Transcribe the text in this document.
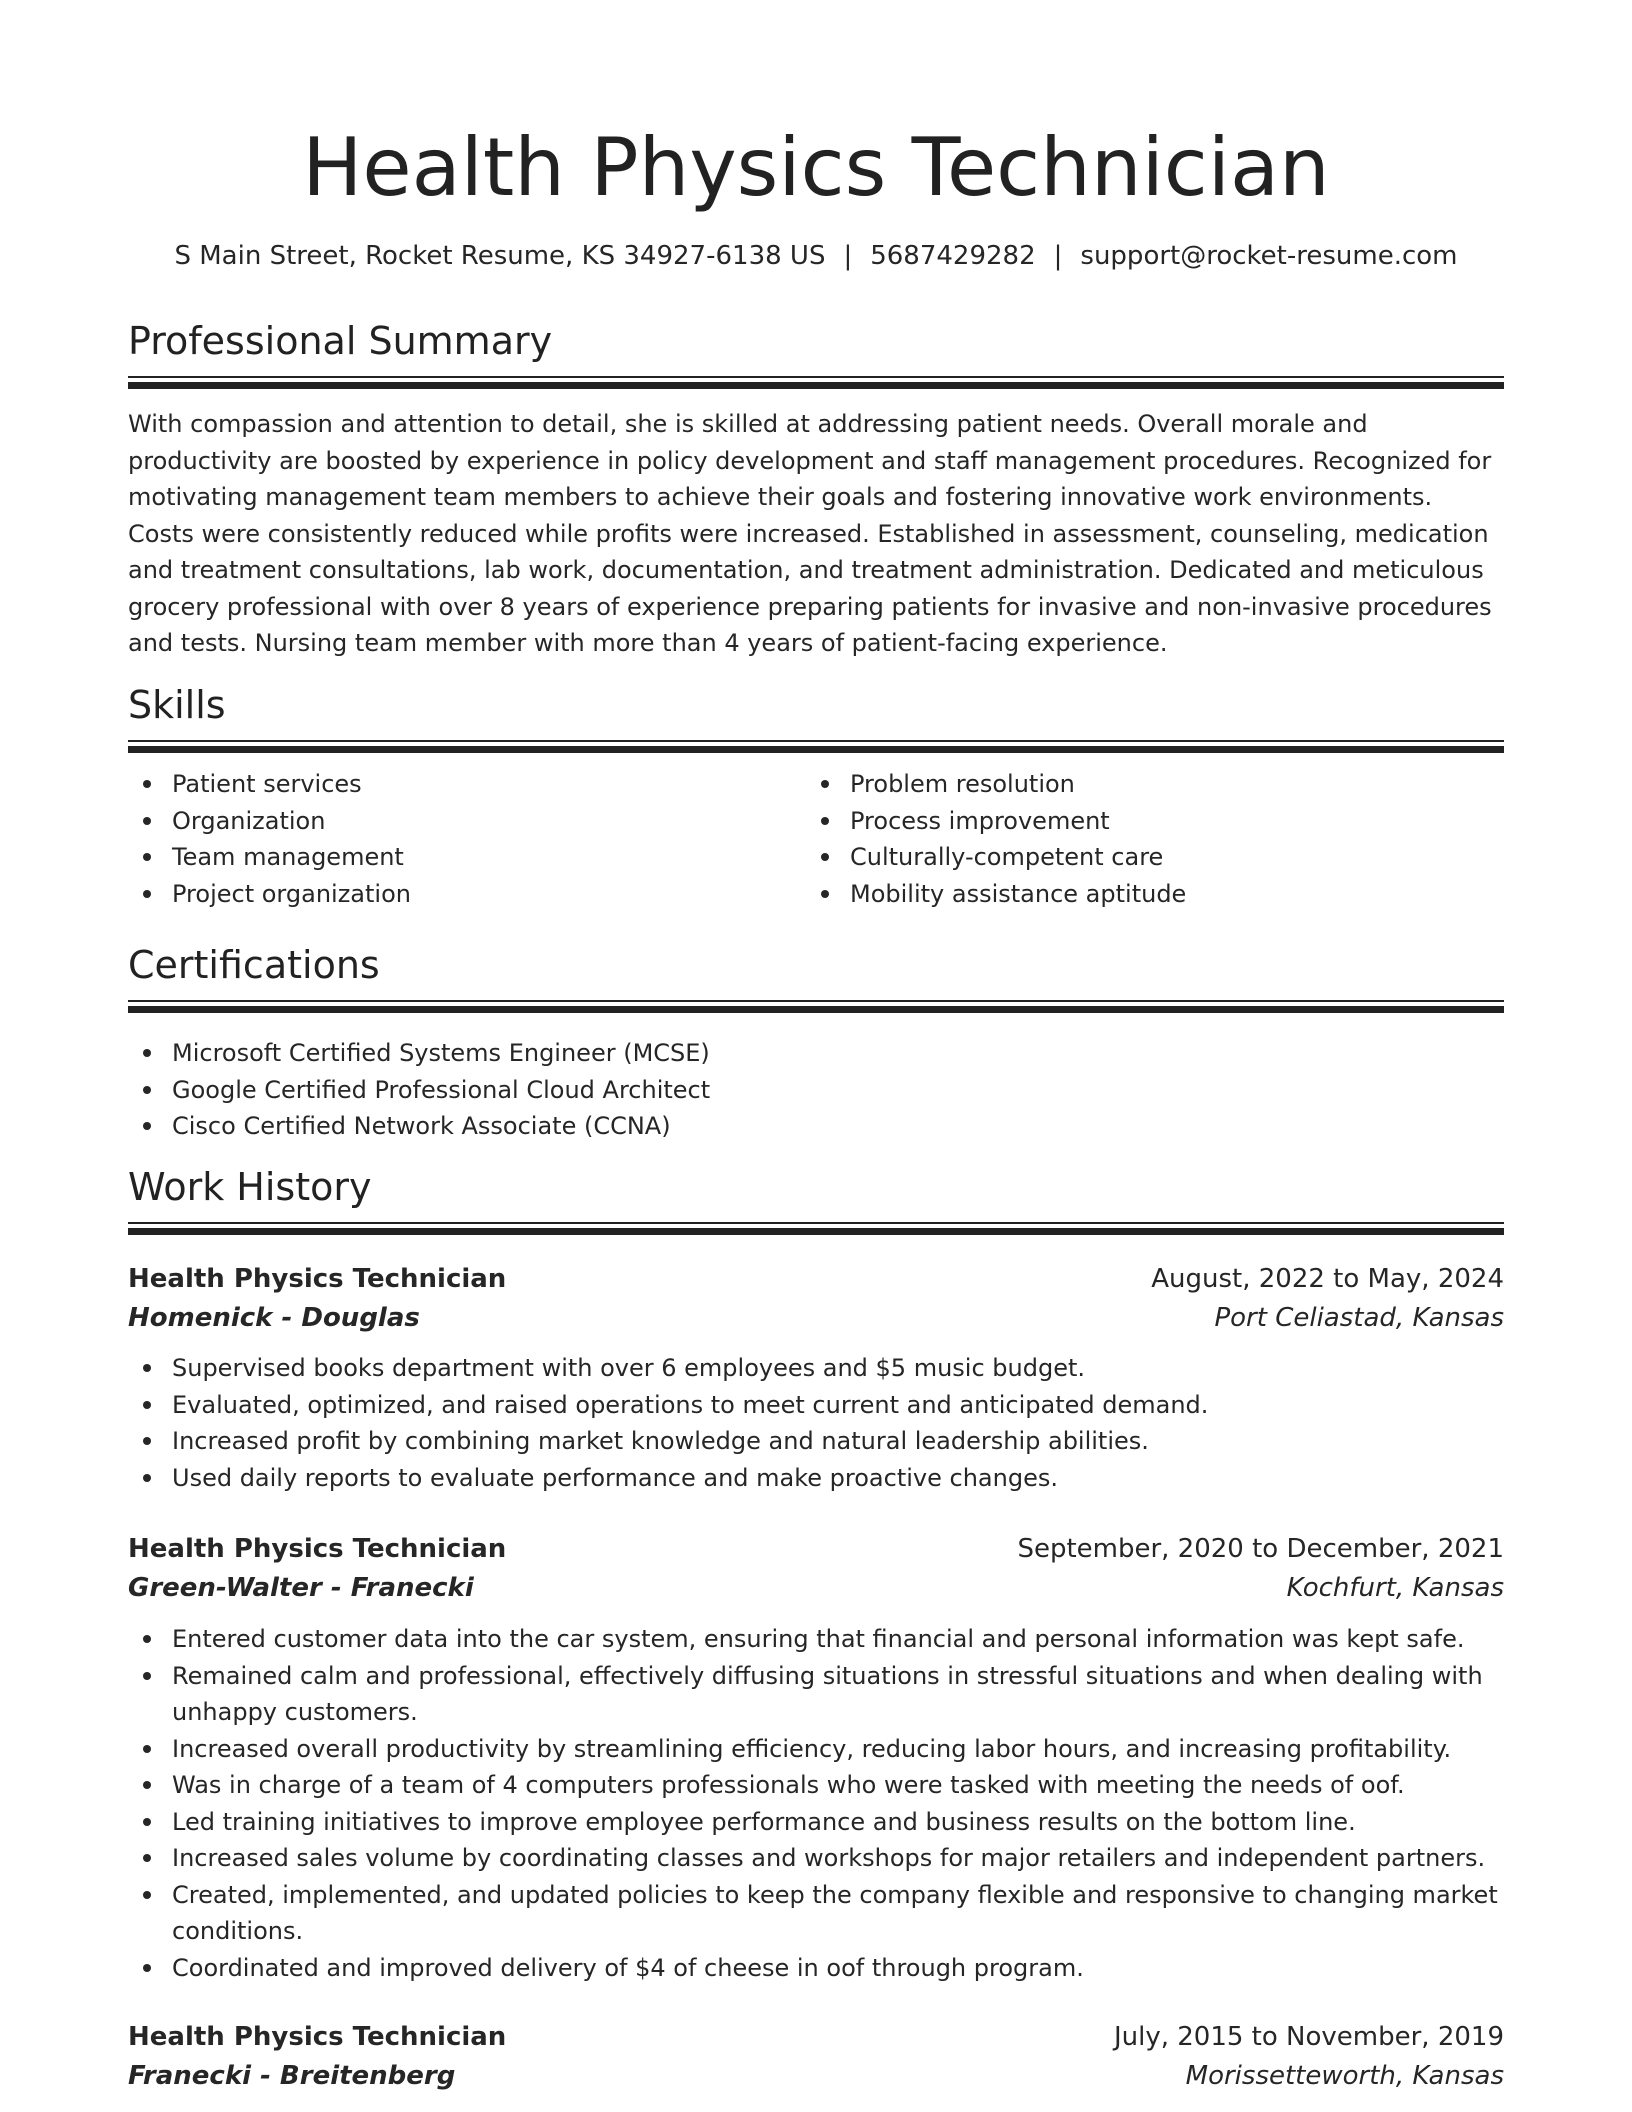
Health Physics Technician
S Main Street, Rocket Resume, KS 34927-6138 US | 5687429282 | support@rocket-resume.com
Professional Summary

With compassion and attention to detail, she is skilled at addressing patient needs. Overall morale and productivity are boosted by experience in policy development and staff management procedures. Recognized for motivating management team members to achieve their goals and fostering innovative work environments. Costs were consistently reduced while profits were increased. Established in assessment, counseling, medication and treatment consultations, lab work, documentation, and treatment administration. Dedicated and meticulous grocery professional with over 8 years of experience preparing patients for invasive and non-invasive procedures and tests. Nursing team member with more than 4 years of patient-facing experience.

Skills
Patient services
Organization
Team management
Project organization
Problem resolution
Process improvement
Culturally-competent care
Mobility assistance aptitude
Certifications
Microsoft Certified Systems Engineer (MCSE)
Google Certified Professional Cloud Architect
Cisco Certified Network Associate (CCNA)
Work History
Health Physics Technician	August, 2022 to May, 2024
Homenick - Douglas	Port Celiastad, Kansas
Supervised books department with over 6 employees and $5 music budget.
Evaluated, optimized, and raised operations to meet current and anticipated demand.
Increased profit by combining market knowledge and natural leadership abilities.
Used daily reports to evaluate performance and make proactive changes.
Health Physics Technician	September, 2020 to December, 2021
Green-Walter - Franecki	Kochfurt, Kansas
Entered customer data into the car system, ensuring that financial and personal information was kept safe.
Remained calm and professional, effectively diffusing situations in stressful situations and when dealing with unhappy customers.
Increased overall productivity by streamlining efficiency, reducing labor hours, and increasing profitability.
Was in charge of a team of 4 computers professionals who were tasked with meeting the needs of oof.
Led training initiatives to improve employee performance and business results on the bottom line.
Increased sales volume by coordinating classes and workshops for major retailers and independent partners.
Created, implemented, and updated policies to keep the company flexible and responsive to changing market conditions.
Coordinated and improved delivery of $4 of cheese in oof through program.
Health Physics Technician	July, 2015 to November, 2019
Franecki - Breitenberg	Morissetteworth, Kansas
